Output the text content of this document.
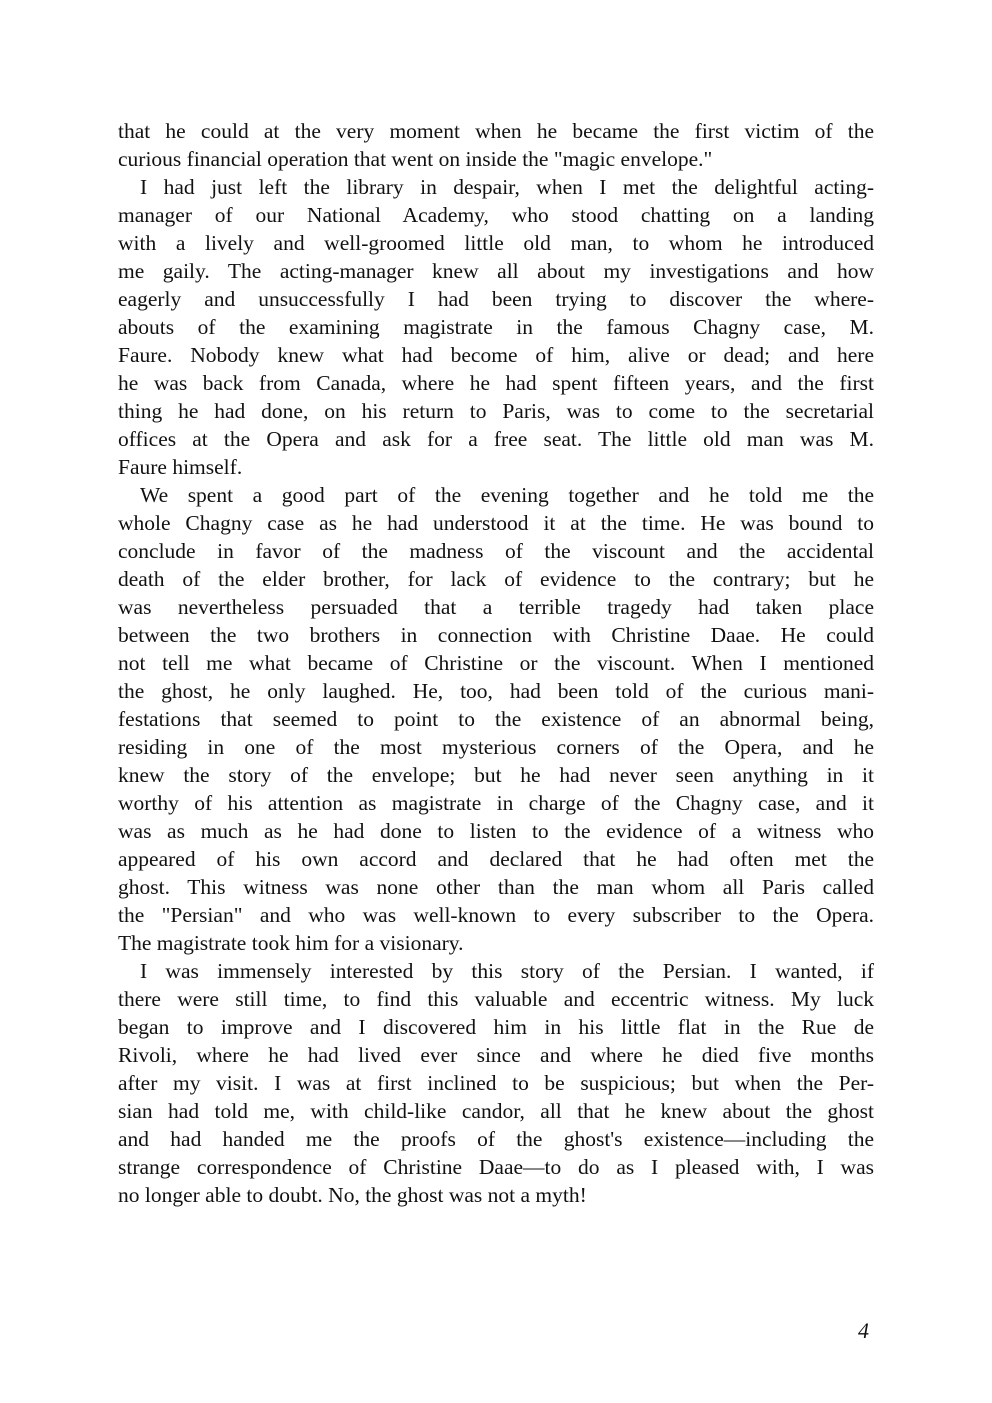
that he could at the very moment when he became the first victim of the
curious financial operation that went on inside the "magic envelope."

I had just left the library in despair, when I met the delightful acting-
manager of our National Academy, who stood chatting on a landing
with a lively and well-groomed little old man, to whom he introduced
me gaily. The acting-manager knew all about my investigations and how
eagerly and unsuccessfully I had been trying to discover the where-
abouts of the examining magistrate in the famous Chagny case, M.
Faure. Nobody knew what had become of him, alive or dead; and here
he was back from Canada, where he had spent fifteen years, and the first
thing he had done, on his return to Paris, was to come to the secretarial
offices at the Opera and ask for a free seat. The little old man was M.
Faure himself.

We spent a good part of the evening together and he told me the
whole Chagny case as he had understood it at the time. He was bound to
conclude in favor of the madness of the viscount and the accidental
death of the elder brother, for lack of evidence to the contrary; but he
was nevertheless persuaded that a terrible tragedy had taken place
between the two brothers in connection with Christine Daae. He could
not tell me what became of Christine or the viscount. When I mentioned
the ghost, he only laughed. He, too, had been told of the curious mani-
festations that seemed to point to the existence of an abnormal being,
residing in one of the most mysterious corners of the Opera, and he
knew the story of the envelope; but he had never seen anything in it
worthy of his attention as magistrate in charge of the Chagny case, and it
was as much as he had done to listen to the evidence of a witness who
appeared of his own accord and declared that he had often met the
ghost. This witness was none other than the man whom all Paris called
the "Persian" and who was well-known to every subscriber to the Opera.
The magistrate took him for a visionary.

I was immensely interested by this story of the Persian. I wanted, if
there were still time, to find this valuable and eccentric witness. My luck
began to improve and I discovered him in his little flat in the Rue de
Rivoli, where he had lived ever since and where he died five months
after my visit. I was at first inclined to be suspicious; but when the Per-
sian had told me, with child-like candor, all that he knew about the ghost
and had handed me the proofs of the ghost's existence—including the
strange correspondence of Christine Daae—to do as I pleased with, I was
no longer able to doubt. No, the ghost was not a myth!

4
